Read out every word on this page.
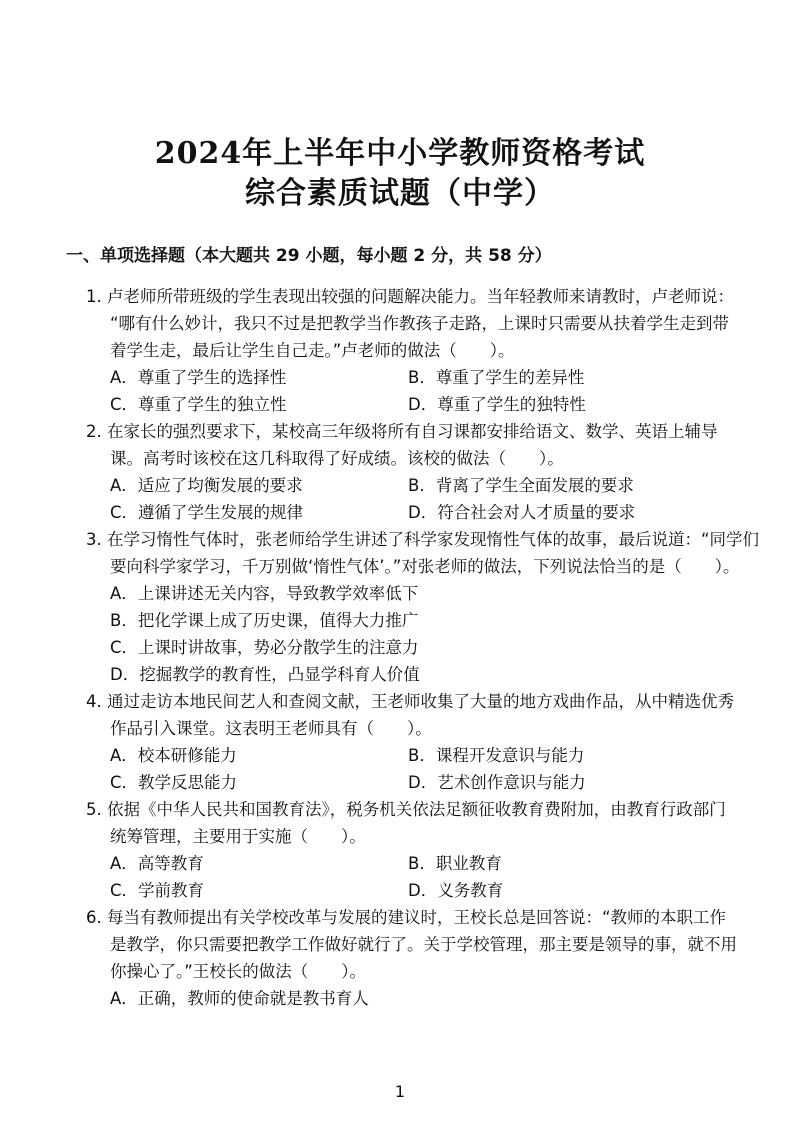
2024年上半年中小学教师资格考试
综合素质试题（中学）
一、单项选择题（本大题共 29 小题，每小题 2 分，共 58 分）
1. 卢老师所带班级的学生表现出较强的问题解决能力。当年轻教师来请教时，卢老师说：
“哪有什么妙计，我只不过是把教学当作教孩子走路，上课时只需要从扶着学生走到带
着学生走，最后让学生自己走。”卢老师的做法（　　）。
A．尊重了学生的选择性	B．尊重了学生的差异性
C．尊重了学生的独立性	D．尊重了学生的独特性
2. 在家长的强烈要求下，某校高三年级将所有自习课都安排给语文、数学、英语上辅导
课。高考时该校在这几科取得了好成绩。该校的做法（　　）。
A．适应了均衡发展的要求	B．背离了学生全面发展的要求
C．遵循了学生发展的规律	D．符合社会对人才质量的要求
3. 在学习惰性气体时，张老师给学生讲述了科学家发现惰性气体的故事，最后说道：“同学们
要向科学家学习，千万别做‘惰性气体’。”对张老师的做法，下列说法恰当的是（　　）。
A．上课讲述无关内容，导致教学效率低下
B．把化学课上成了历史课，值得大力推广
C．上课时讲故事，势必分散学生的注意力
D．挖掘教学的教育性，凸显学科育人价值
4. 通过走访本地民间艺人和查阅文献，王老师收集了大量的地方戏曲作品，从中精选优秀
作品引入课堂。这表明王老师具有（　　）。
A．校本研修能力	B．课程开发意识与能力
C．教学反思能力	D．艺术创作意识与能力
5. 依据《中华人民共和国教育法》，税务机关依法足额征收教育费附加，由教育行政部门
统筹管理，主要用于实施（　　）。
A．高等教育	B．职业教育
C．学前教育	D．义务教育
6. 每当有教师提出有关学校改革与发展的建议时，王校长总是回答说：“教师的本职工作
是教学，你只需要把教学工作做好就行了。关于学校管理，那主要是领导的事，就不用
你操心了。”王校长的做法（　　）。
A．正确，教师的使命就是教书育人
1
